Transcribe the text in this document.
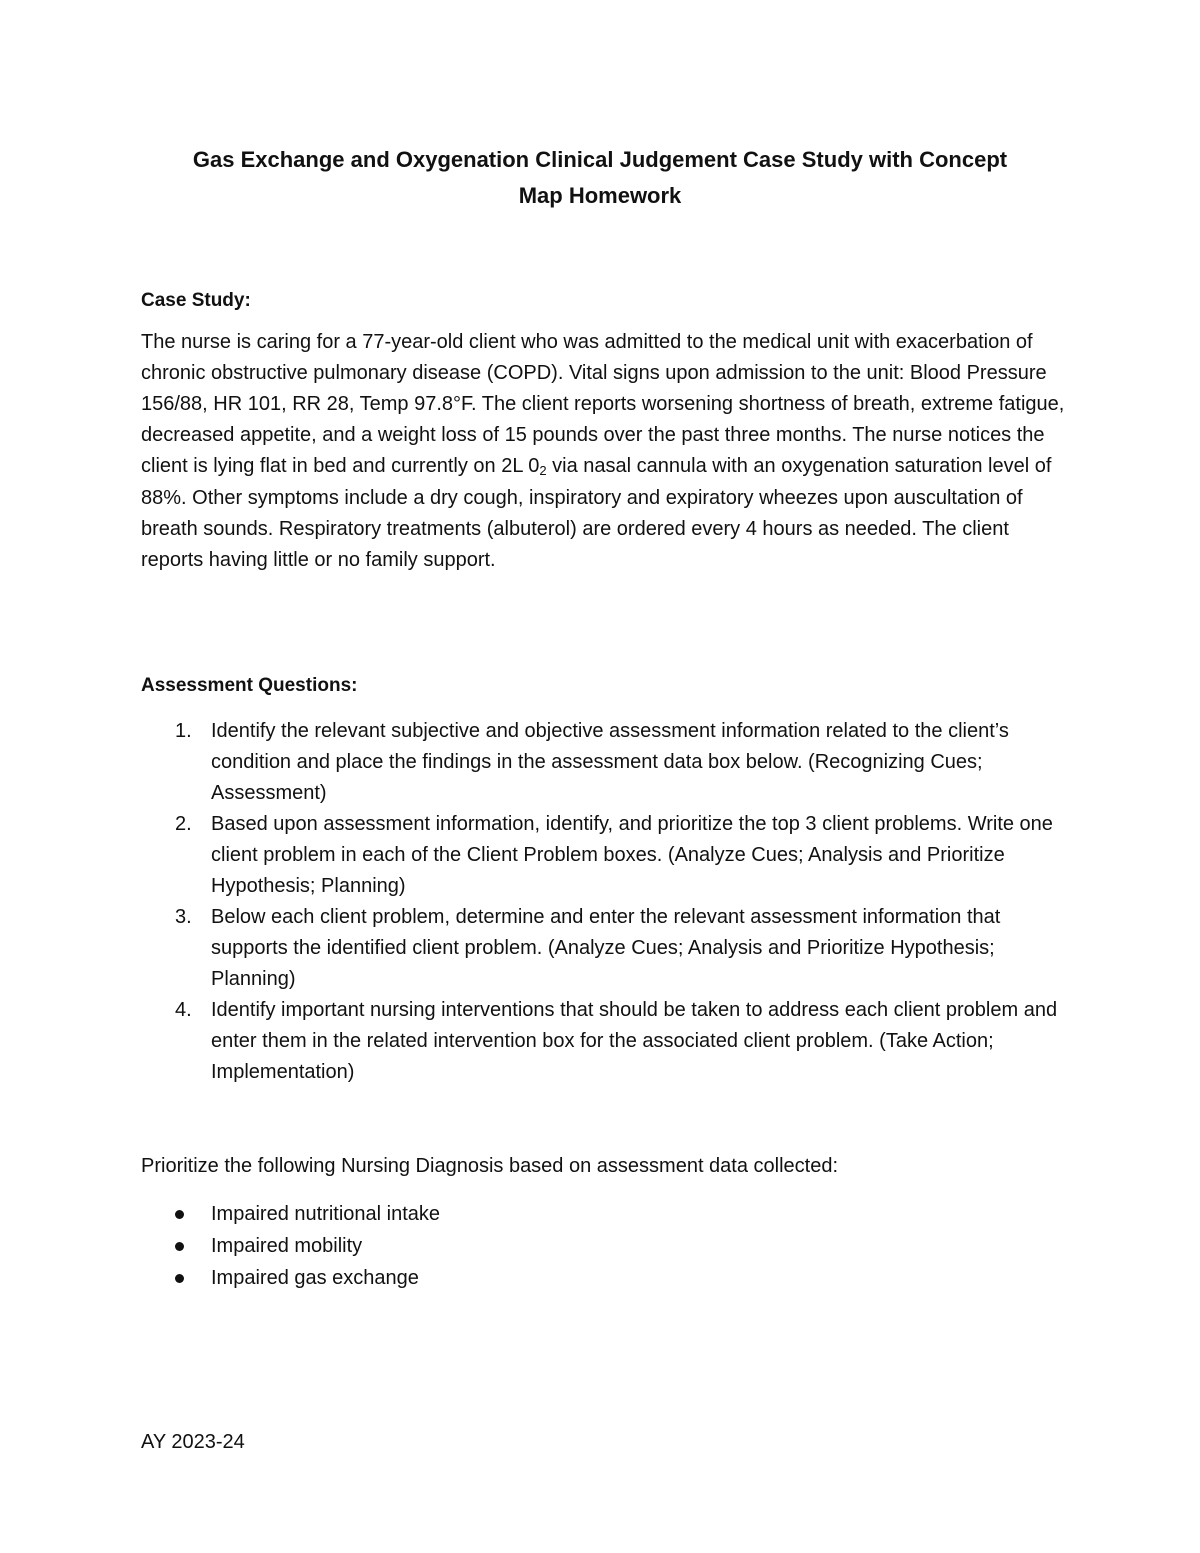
Gas Exchange and Oxygenation Clinical Judgement Case Study with Concept
Map Homework
Case Study:
The nurse is caring for a 77-year-old client who was admitted to the medical unit with exacerbation of chronic obstructive pulmonary disease (COPD). Vital signs upon admission to the unit: Blood Pressure 156/88, HR 101, RR 28, Temp 97.8°F. The client reports worsening shortness of breath, extreme fatigue, decreased appetite, and a weight loss of 15 pounds over the past three months. The nurse notices the client is lying flat in bed and currently on 2L $0_2$ via nasal cannula with an oxygenation saturation level of 88%. Other symptoms include a dry cough, inspiratory and expiratory wheezes upon auscultation of breath sounds. Respiratory treatments (albuterol) are ordered every 4 hours as needed. The client reports having little or no family support.
Assessment Questions:
1. Identify the relevant subjective and objective assessment information related to the client’s condition and place the findings in the assessment data box below. (Recognizing Cues; Assessment)
2. Based upon assessment information, identify, and prioritize the top 3 client problems. Write one client problem in each of the Client Problem boxes. (Analyze Cues; Analysis and Prioritize Hypothesis; Planning)
3. Below each client problem, determine and enter the relevant assessment information that supports the identified client problem. (Analyze Cues; Analysis and Prioritize Hypothesis; Planning)
4. Identify important nursing interventions that should be taken to address each client problem and enter them in the related intervention box for the associated client problem. (Take Action; Implementation)
Prioritize the following Nursing Diagnosis based on assessment data collected:
Impaired nutritional intake
Impaired mobility
Impaired gas exchange
AY 2023-24
